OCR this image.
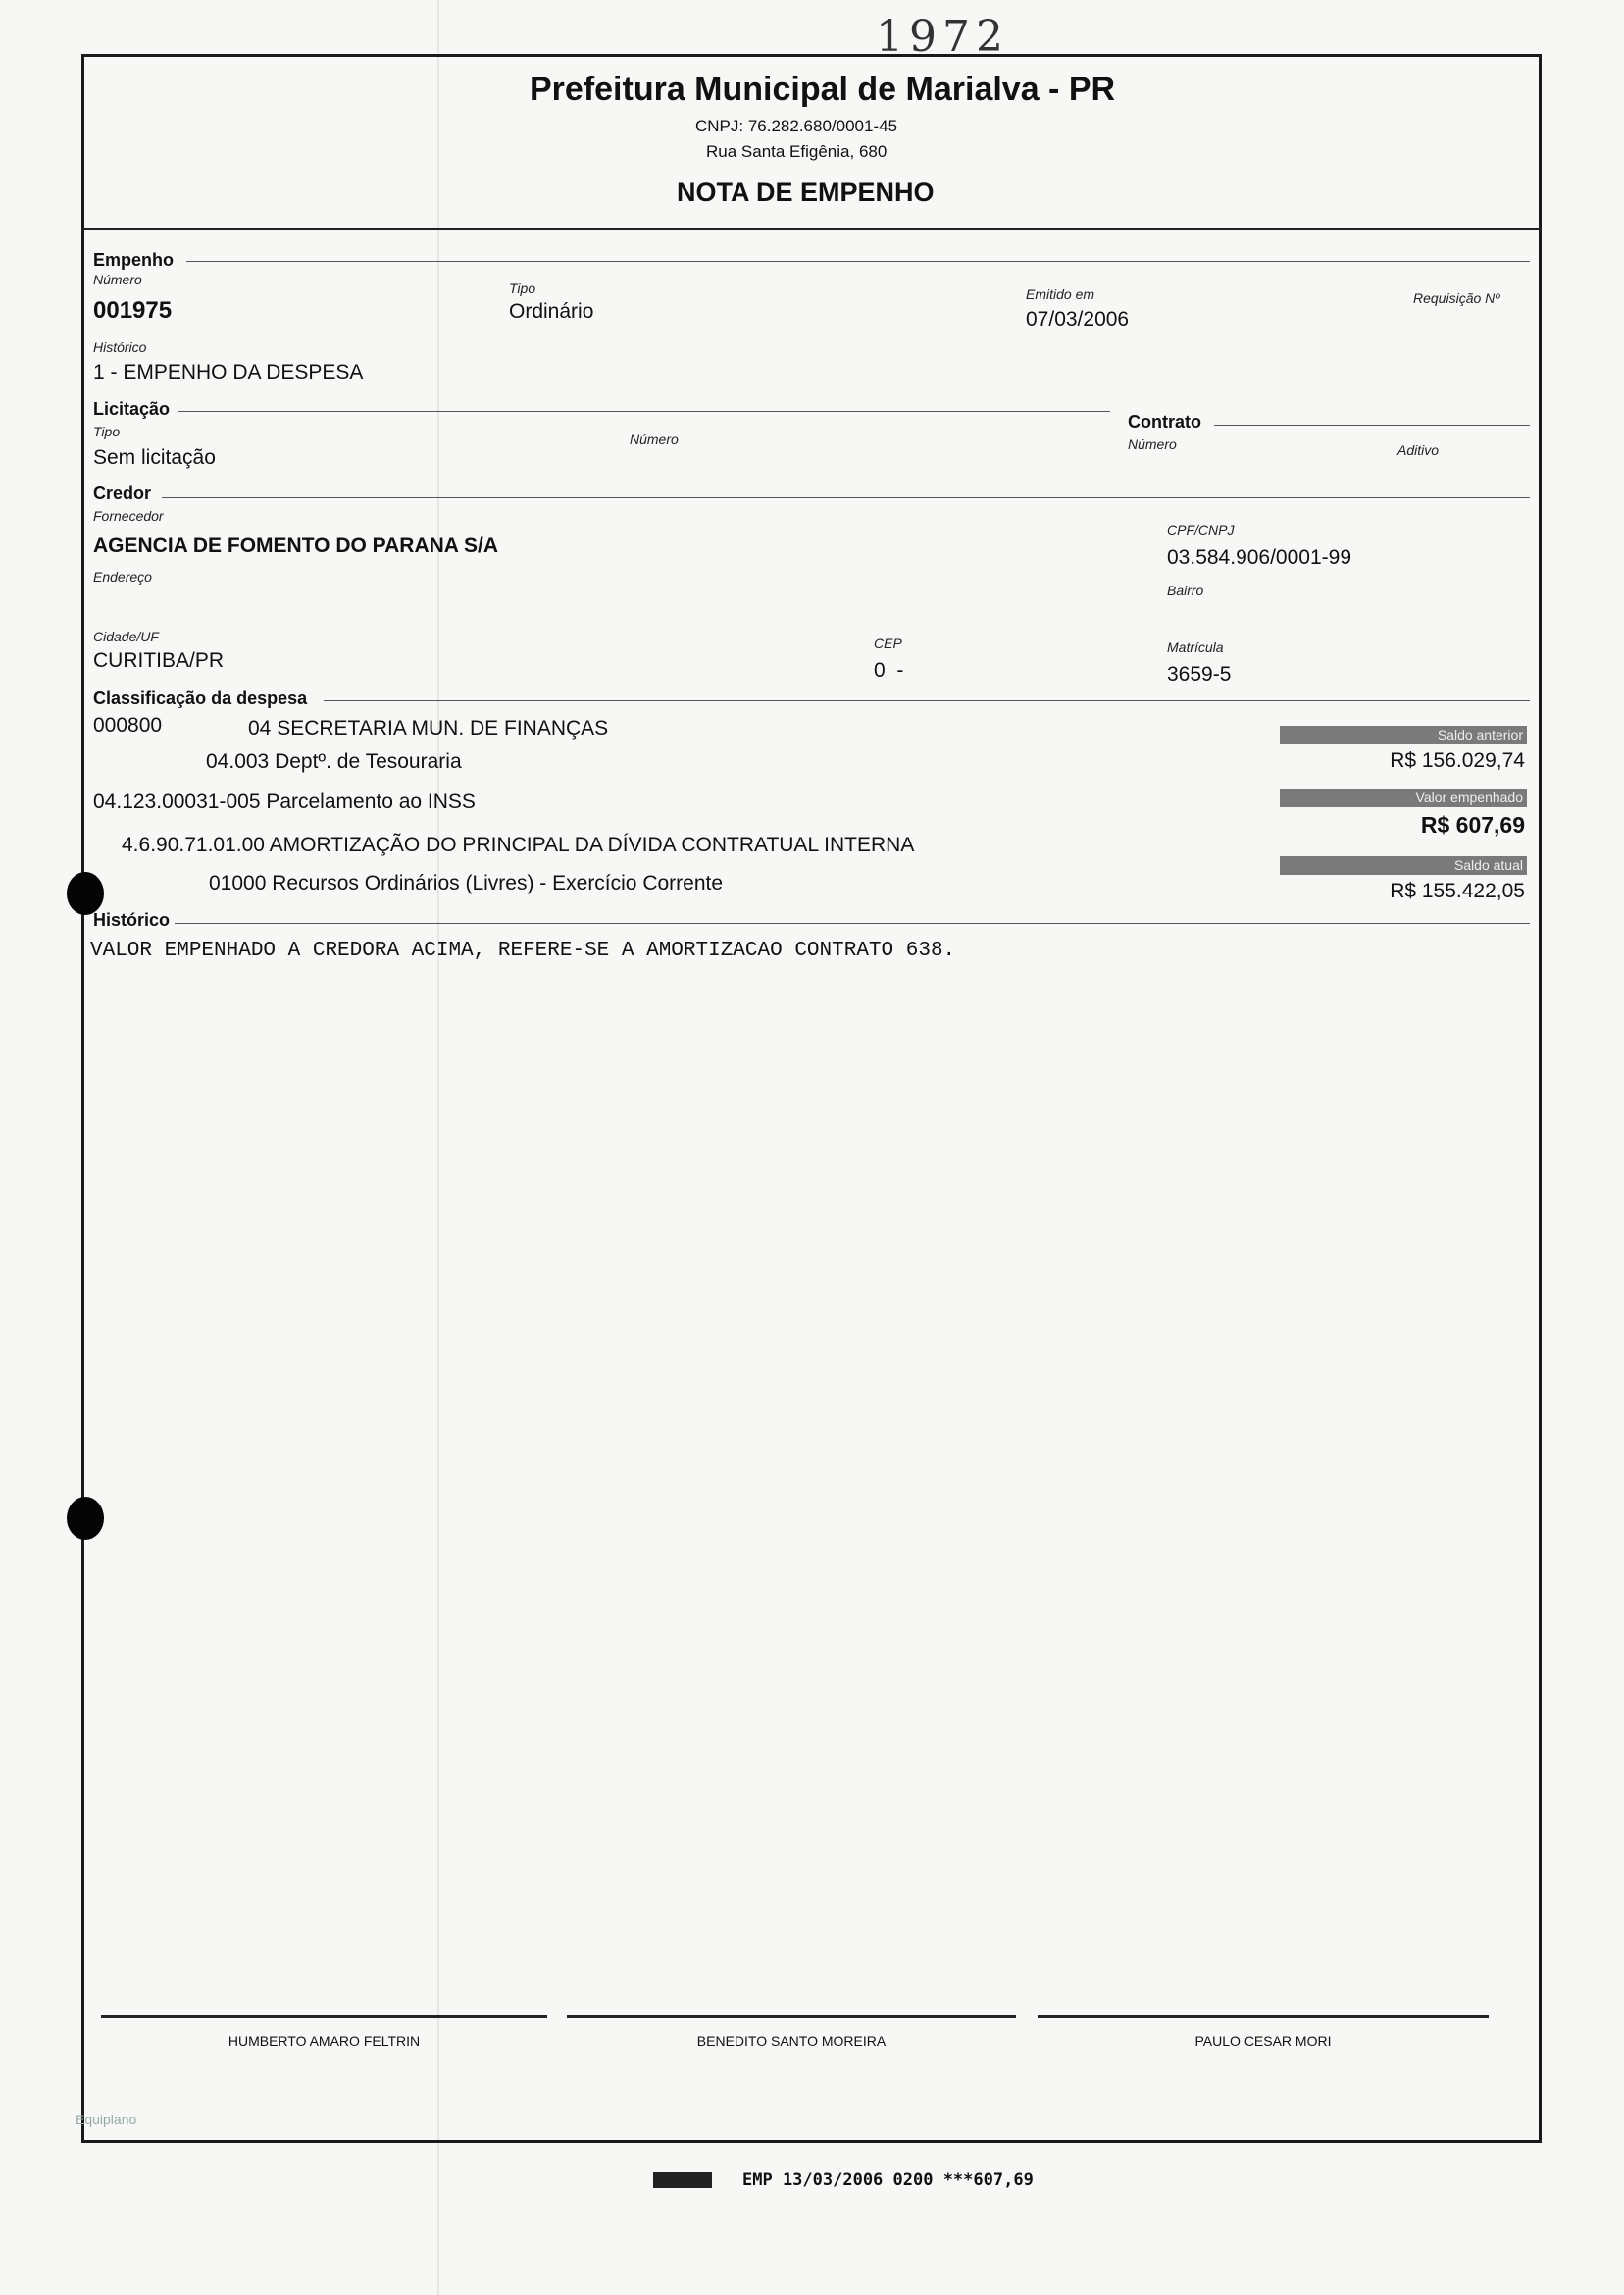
1972
Prefeitura Municipal de Marialva - PR
CNPJ: 76.282.680/0001-45
Rua Santa Efigênia, 680
NOTA DE EMPENHO
Empenho
Número
001975
Tipo
Ordinário
Emitido em
07/03/2006
Requisição Nº
Histórico
1 - EMPENHO DA DESPESA
Licitação
Tipo
Sem licitação
Número
Contrato
Número	Aditivo
Credor
Fornecedor
AGENCIA DE FOMENTO DO PARANA S/A
CPF/CNPJ
03.584.906/0001-99
Endereço
Bairro
Cidade/UF
CURITIBA/PR
CEP
0  -
Matrícula
3659-5
Classificação da despesa
000800	04 SECRETARIA MUN. DE FINANÇAS
04.003 Deptº. de Tesouraria
04.123.00031-005 Parcelamento ao INSS
4.6.90.71.01.00 AMORTIZAÇÃO DO PRINCIPAL DA DÍVIDA CONTRATUAL INTERNA
01000 Recursos Ordinários (Livres) - Exercício Corrente
Saldo anterior
R$ 156.029,74
Valor empenhado
R$ 607,69
Saldo atual
R$ 155.422,05
Histórico
VALOR EMPENHADO A CREDORA ACIMA, REFERE-SE A AMORTIZACAO CONTRATO 638.
HUMBERTO AMARO FELTRIN	BENEDITO SANTO MOREIRA	PAULO CESAR MORI
Equiplano
EMP 13/03/2006 0200 ***607,69
